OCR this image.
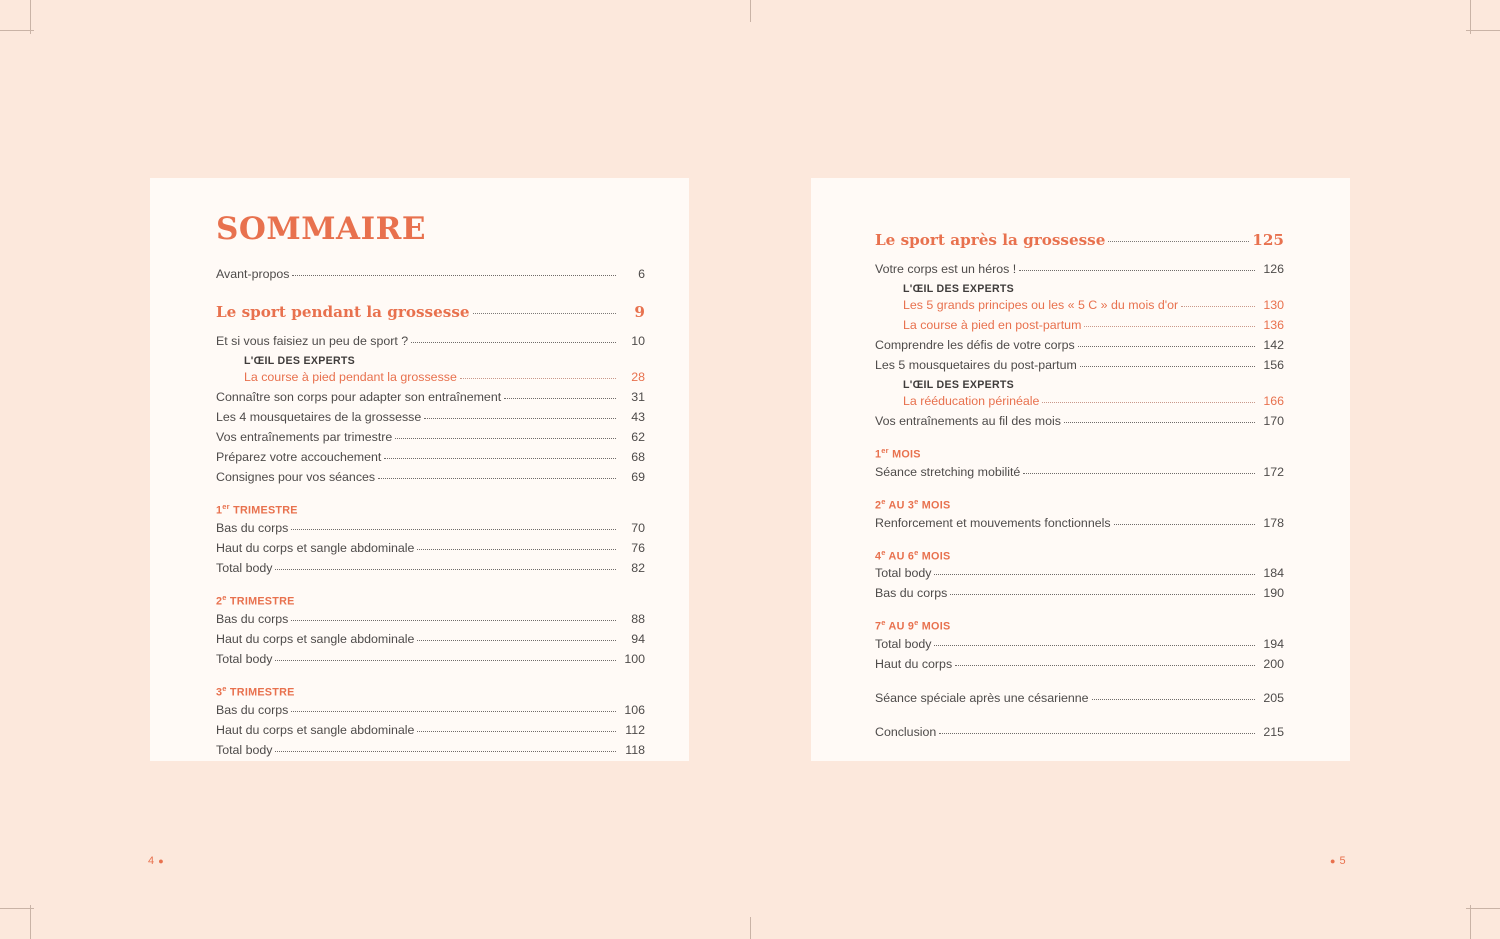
SOMMAIRE
Avant-propos	6
Le sport pendant la grossesse	9
Et si vous faisiez un peu de sport ?	10
L'ŒIL DES EXPERTS
La course à pied pendant la grossesse	28
Connaître son corps pour adapter son entraînement	31
Les 4 mousquetaires de la grossesse	43
Vos entraînements par trimestre	62
Préparez votre accouchement	68
Consignes pour vos séances	69
1er TRIMESTRE
Bas du corps	70
Haut du corps et sangle abdominale	76
Total body	82
2e TRIMESTRE
Bas du corps	88
Haut du corps et sangle abdominale	94
Total body	100
3e TRIMESTRE
Bas du corps	106
Haut du corps et sangle abdominale	112
Total body	118
Le sport après la grossesse	125
Votre corps est un héros !	126
L'ŒIL DES EXPERTS
Les 5 grands principes ou les « 5 C » du mois d'or	130
La course à pied en post-partum	136
Comprendre les défis de votre corps	142
Les 5 mousquetaires du post-partum	156
L'ŒIL DES EXPERTS
La rééducation périnéale	166
Vos entraînements au fil des mois	170
1er MOIS
Séance stretching mobilité	172
2e AU 3e MOIS
Renforcement et mouvements fonctionnels	178
4e AU 6e MOIS
Total body	184
Bas du corps	190
7e AU 9e MOIS
Total body	194
Haut du corps	200
Séance spéciale après une césarienne	205
Conclusion	215
4 ●	● 5
